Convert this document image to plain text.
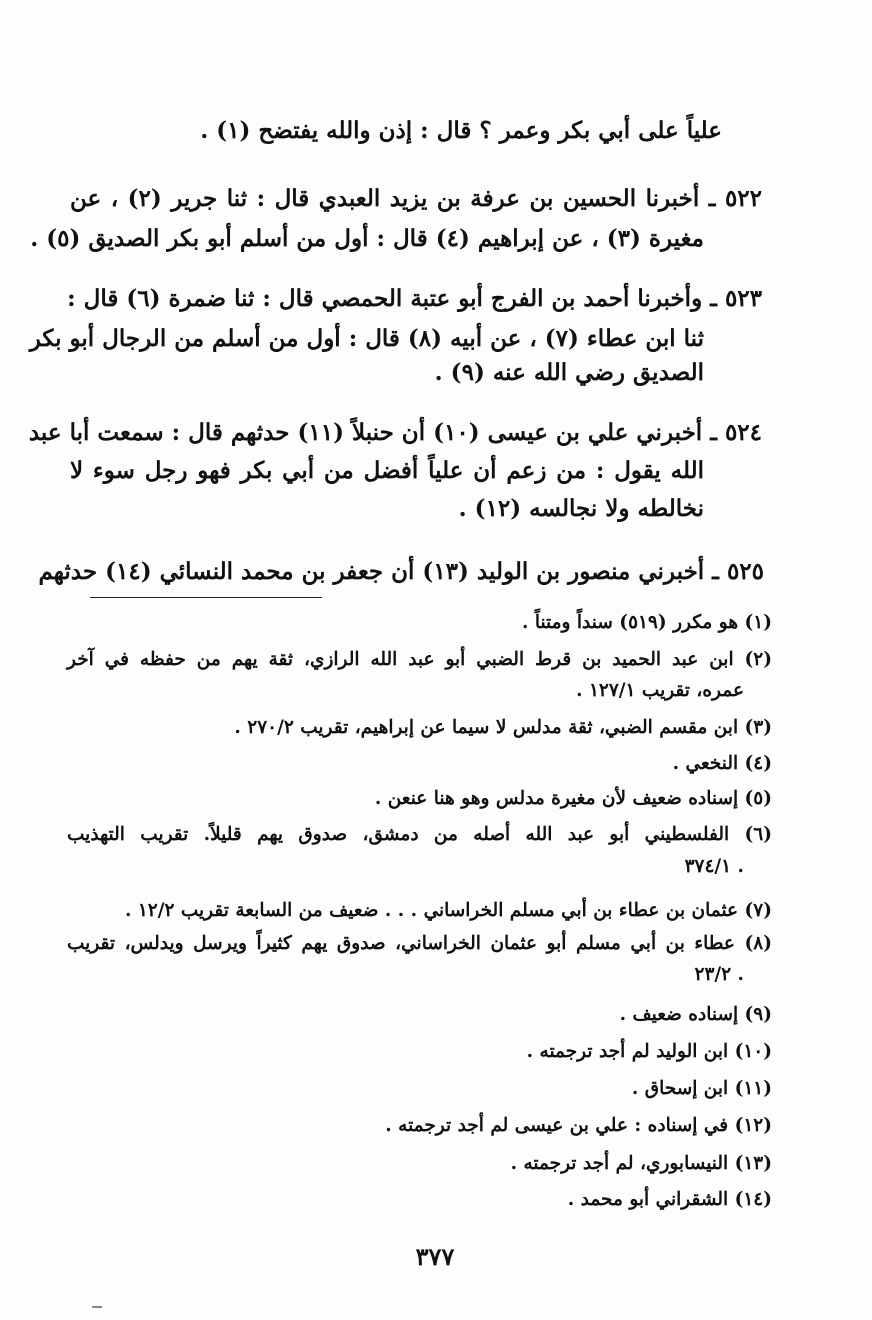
علياً على أبي بكر وعمر ؟ قال : إذن والله يفتضح (١) .

٥٢٢ ـ أخبرنا الحسين بن عرفة بن يزيد العبدي قال : ثنا جرير (٢) ، عن

مغيرة (٣) ، عن إبراهيم (٤) قال : أول من أسلم أبو بكر الصديق (٥) .

٥٢٣ ـ وأخبرنا أحمد بن الفرج أبو عتبة الحمصي قال : ثنا ضمرة (٦) قال :

ثنا ابن عطاء (٧) ، عن أبيه (٨) قال : أول من أسلم من الرجال أبو بكر

الصديق رضي الله عنه (٩) .

٥٢٤ ـ أخبرني علي بن عيسى (١٠) أن حنبلاً (١١) حدثهم قال : سمعت أبا عبد

الله يقول : من زعم أن علياً أفضل من أبي بكر فهو رجل سوء لا

نخالطه ولا نجالسه (١٢) .

٥٢٥ ـ أخبرني منصور بن الوليد (١٣) أن جعفر بن محمد النسائي (١٤) حدثهم

(١) هو مكرر (٥١٩) سنداً ومتناً .

(٢) ابن عبد الحميد بن قرط الضبي أبو عبد الله الرازي، ثقة يهم من حفظه في آخر

عمره، تقريب ١٢٧/١ .

(٣) ابن مقسم الضبي، ثقة مدلس لا سيما عن إبراهيم، تقريب ٢٧٠/٢ .

(٤) النخعي .

(٥) إسناده ضعيف لأن مغيرة مدلس وهو هنا عنعن .

(٦) الفلسطيني أبو عبد الله أصله من دمشق، صدوق يهم قليلاً. تقريب التهذيب

٣٧٤/١ .

(٧) عثمان بن عطاء بن أبي مسلم الخراساني . . . ضعيف من السابعة تقريب ١٢/٢ .

(٨) عطاء بن أبي مسلم أبو عثمان الخراساني، صدوق يهم كثيراً ويرسل ويدلس، تقريب

٢٣/٢ .

(٩) إسناده ضعيف .

(١٠) ابن الوليد لم أجد ترجمته .

(١١) ابن إسحاق .

(١٢) في إسناده : علي بن عيسى لم أجد ترجمته .

(١٣) النيسابوري، لم أجد ترجمته .

(١٤) الشقراني أبو محمد .

٣٧٧
